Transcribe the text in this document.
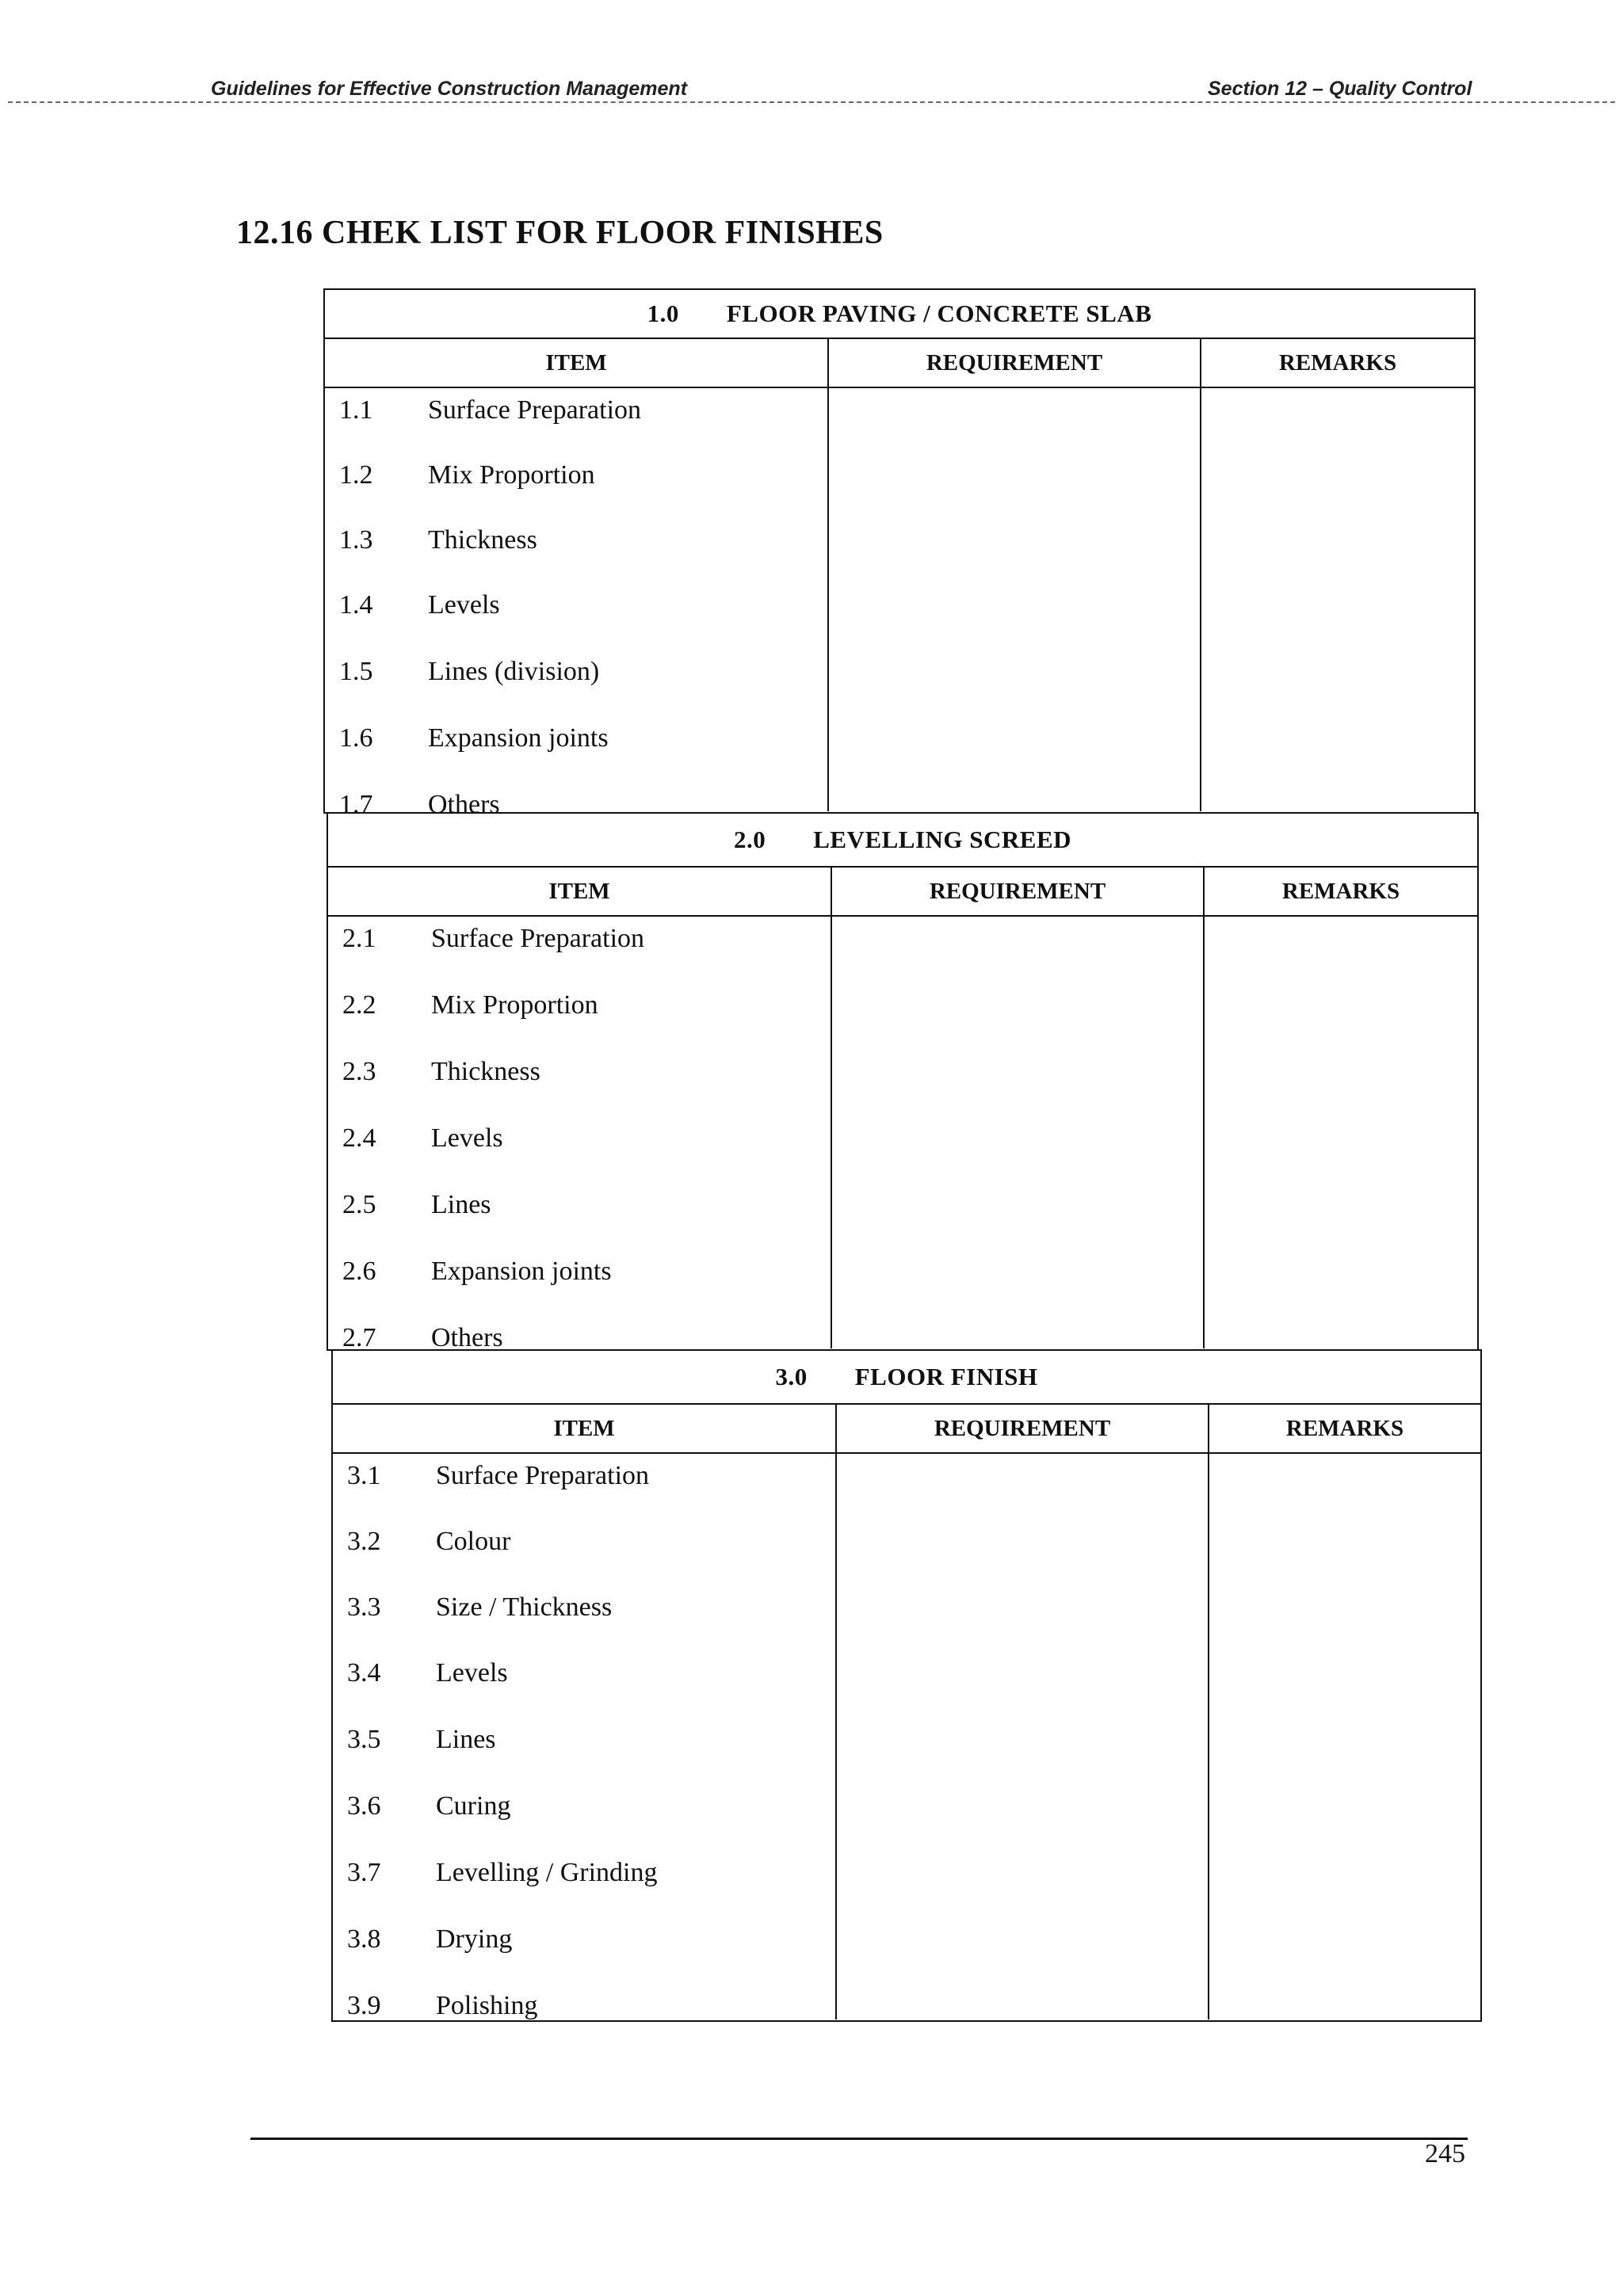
Guidelines for Effective Construction Management	Section 12 – Quality Control
12.16 CHEK LIST FOR FLOOR FINISHES
1.0 FLOOR PAVING / CONCRETE SLAB
ITEM	REQUIREMENT	REMARKS
1.1	Surface Preparation
1.2	Mix Proportion
1.3	Thickness
1.4	Levels
1.5	Lines (division)
1.6	Expansion joints
1.7	Others
2.0 LEVELLING SCREED
ITEM	REQUIREMENT	REMARKS
2.1	Surface Preparation
2.2	Mix Proportion
2.3	Thickness
2.4	Levels
2.5	Lines
2.6	Expansion joints
2.7	Others
3.0 FLOOR FINISH
ITEM	REQUIREMENT	REMARKS
3.1	Surface Preparation
3.2	Colour
3.3	Size / Thickness
3.4	Levels
3.5	Lines
3.6	Curing
3.7	Levelling / Grinding
3.8	Drying
3.9	Polishing
245
